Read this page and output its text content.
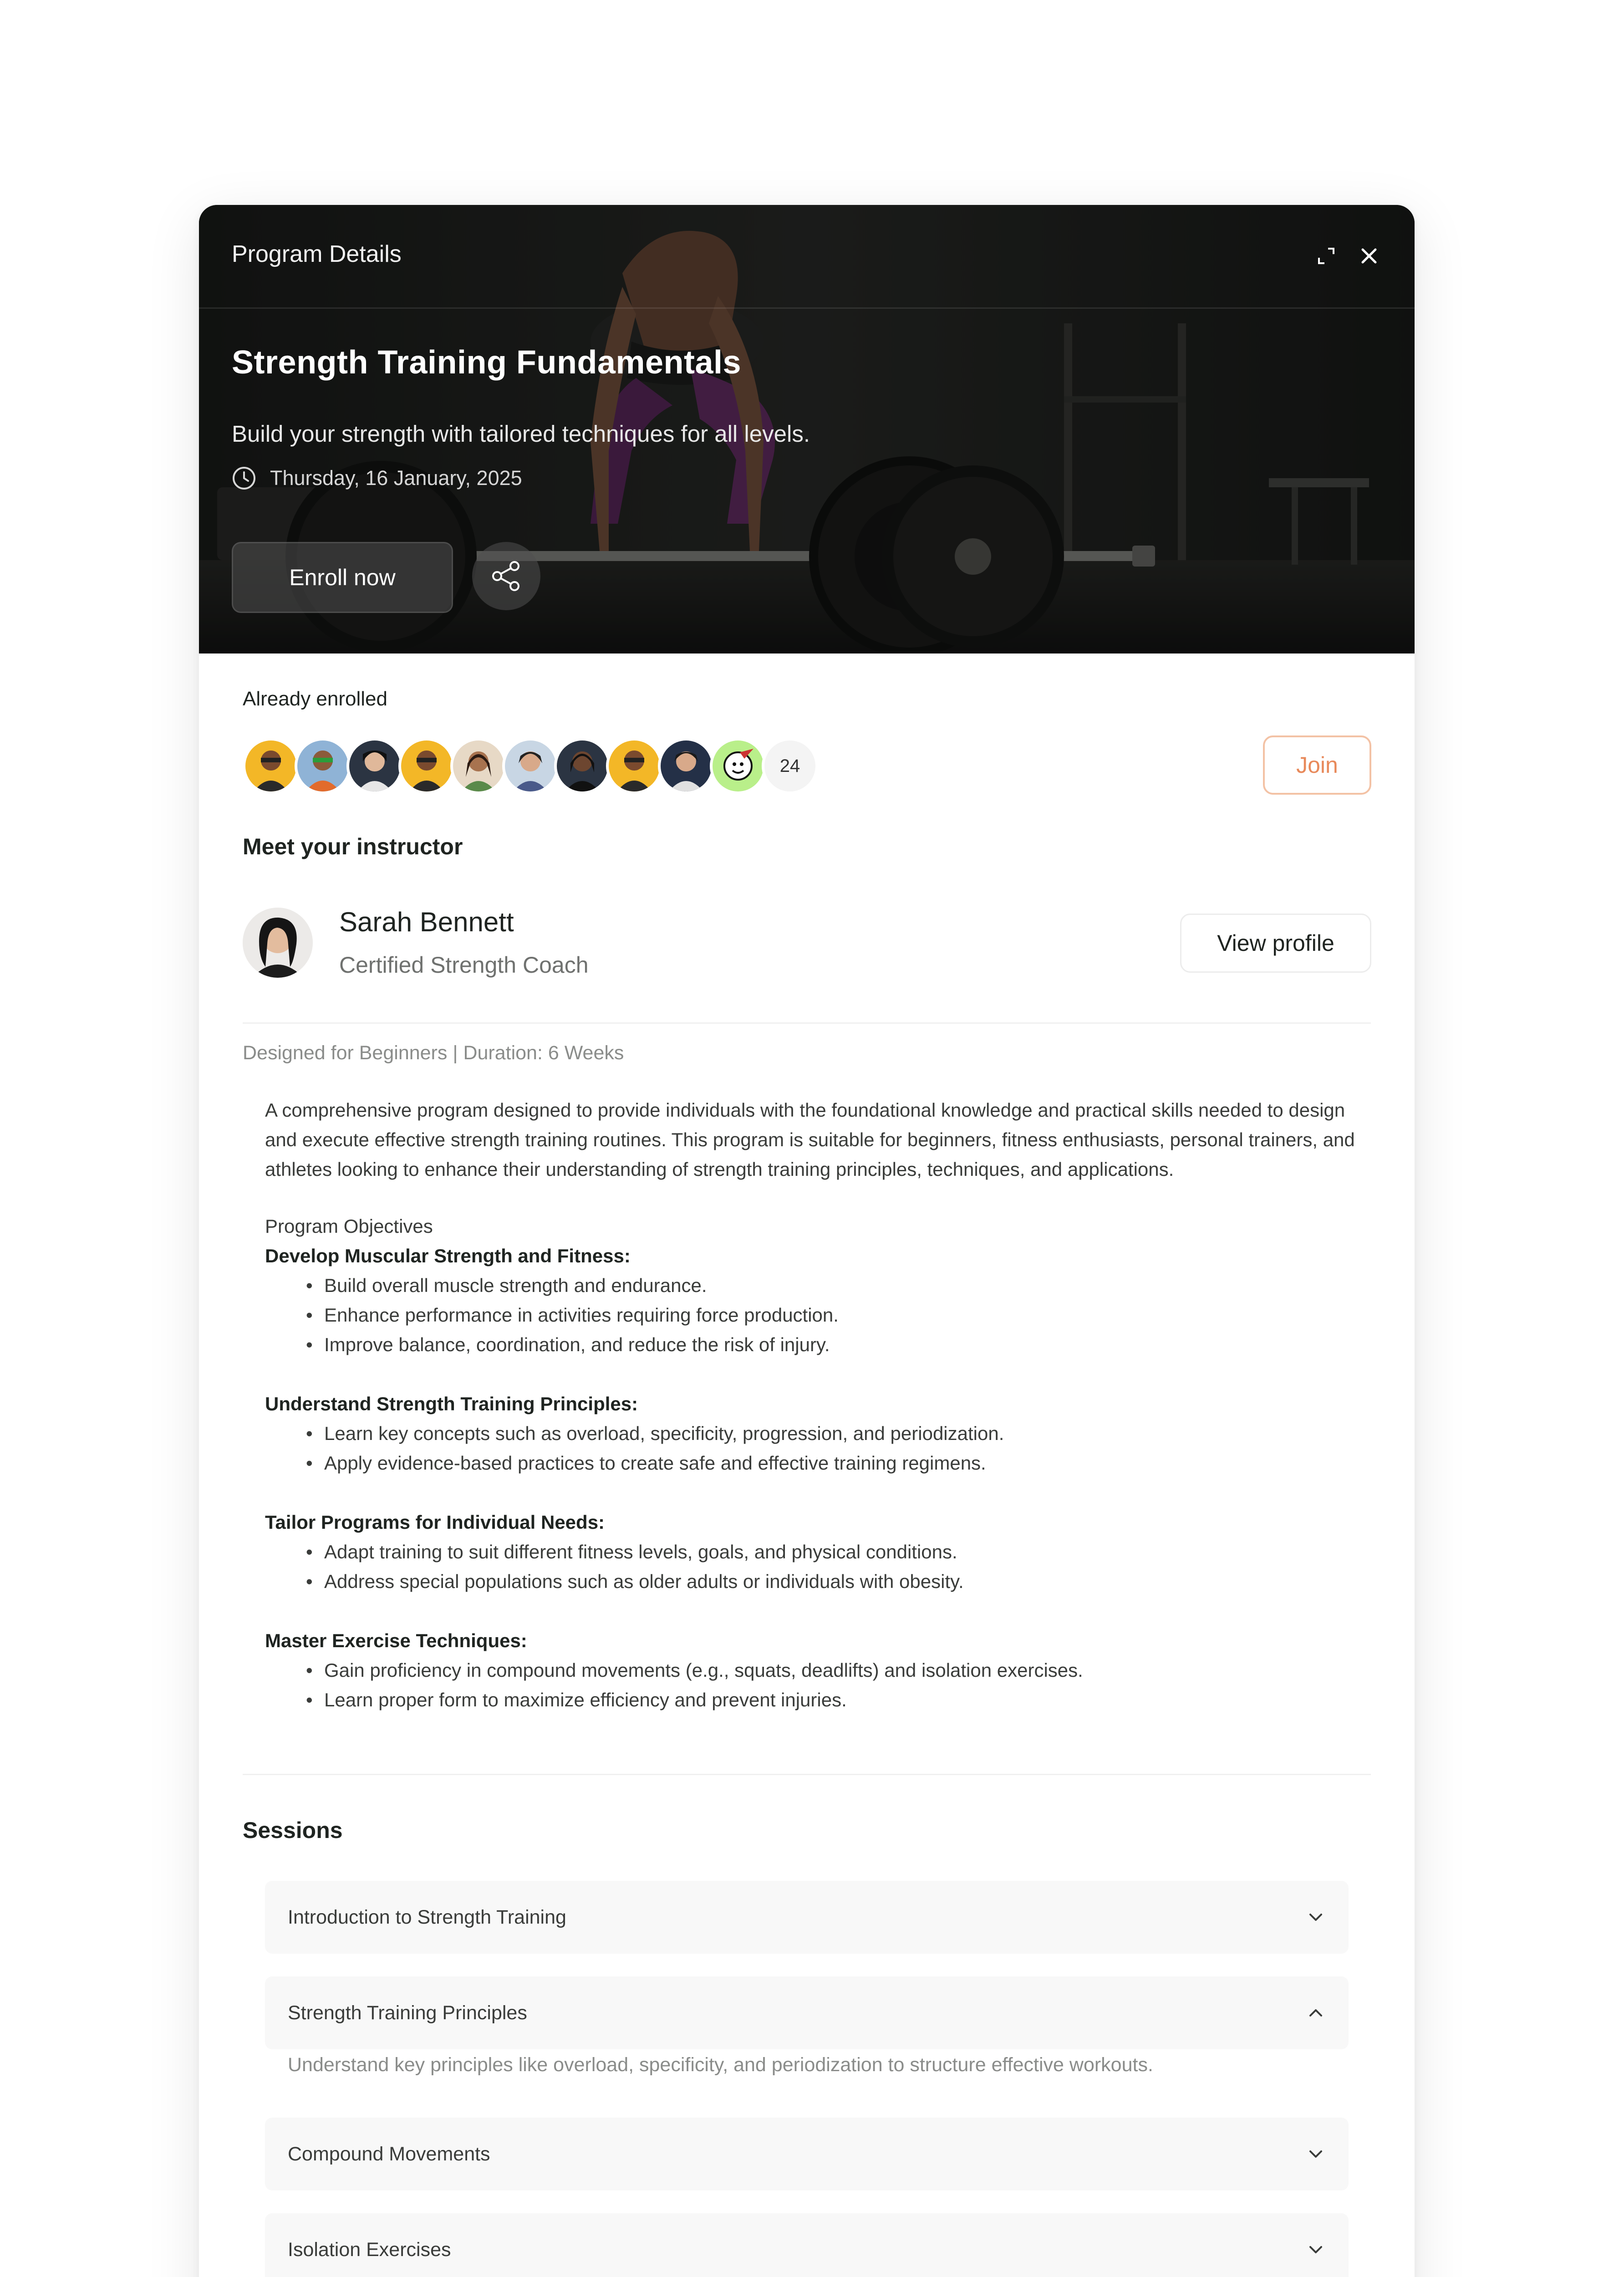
Program Details
Strength Training Fundamentals
Build your strength with tailored techniques for all levels.
Thursday, 16 January, 2025
Enroll now
Already enrolled
24	Join
Meet your instructor
Sarah Bennett
Certified Strength Coach
View profile
Designed for Beginners | Duration: 6 Weeks
A comprehensive program designed to provide individuals with the foundational knowledge and practical skills needed to design and execute effective strength training routines. This program is suitable for beginners, fitness enthusiasts, personal trainers, and athletes looking to enhance their understanding of strength training principles, techniques, and applications.
Program Objectives
Develop Muscular Strength and Fitness:
• Build overall muscle strength and endurance.
• Enhance performance in activities requiring force production.
• Improve balance, coordination, and reduce the risk of injury.
Understand Strength Training Principles:
• Learn key concepts such as overload, specificity, progression, and periodization.
• Apply evidence-based practices to create safe and effective training regimens.
Tailor Programs for Individual Needs:
• Adapt training to suit different fitness levels, goals, and physical conditions.
• Address special populations such as older adults or individuals with obesity.
Master Exercise Techniques:
• Gain proficiency in compound movements (e.g., squats, deadlifts) and isolation exercises.
• Learn proper form to maximize efficiency and prevent injuries.
Sessions
Introduction to Strength Training
Strength Training Principles
Understand key principles like overload, specificity, and periodization to structure effective workouts.
Compound Movements
Isolation Exercises
